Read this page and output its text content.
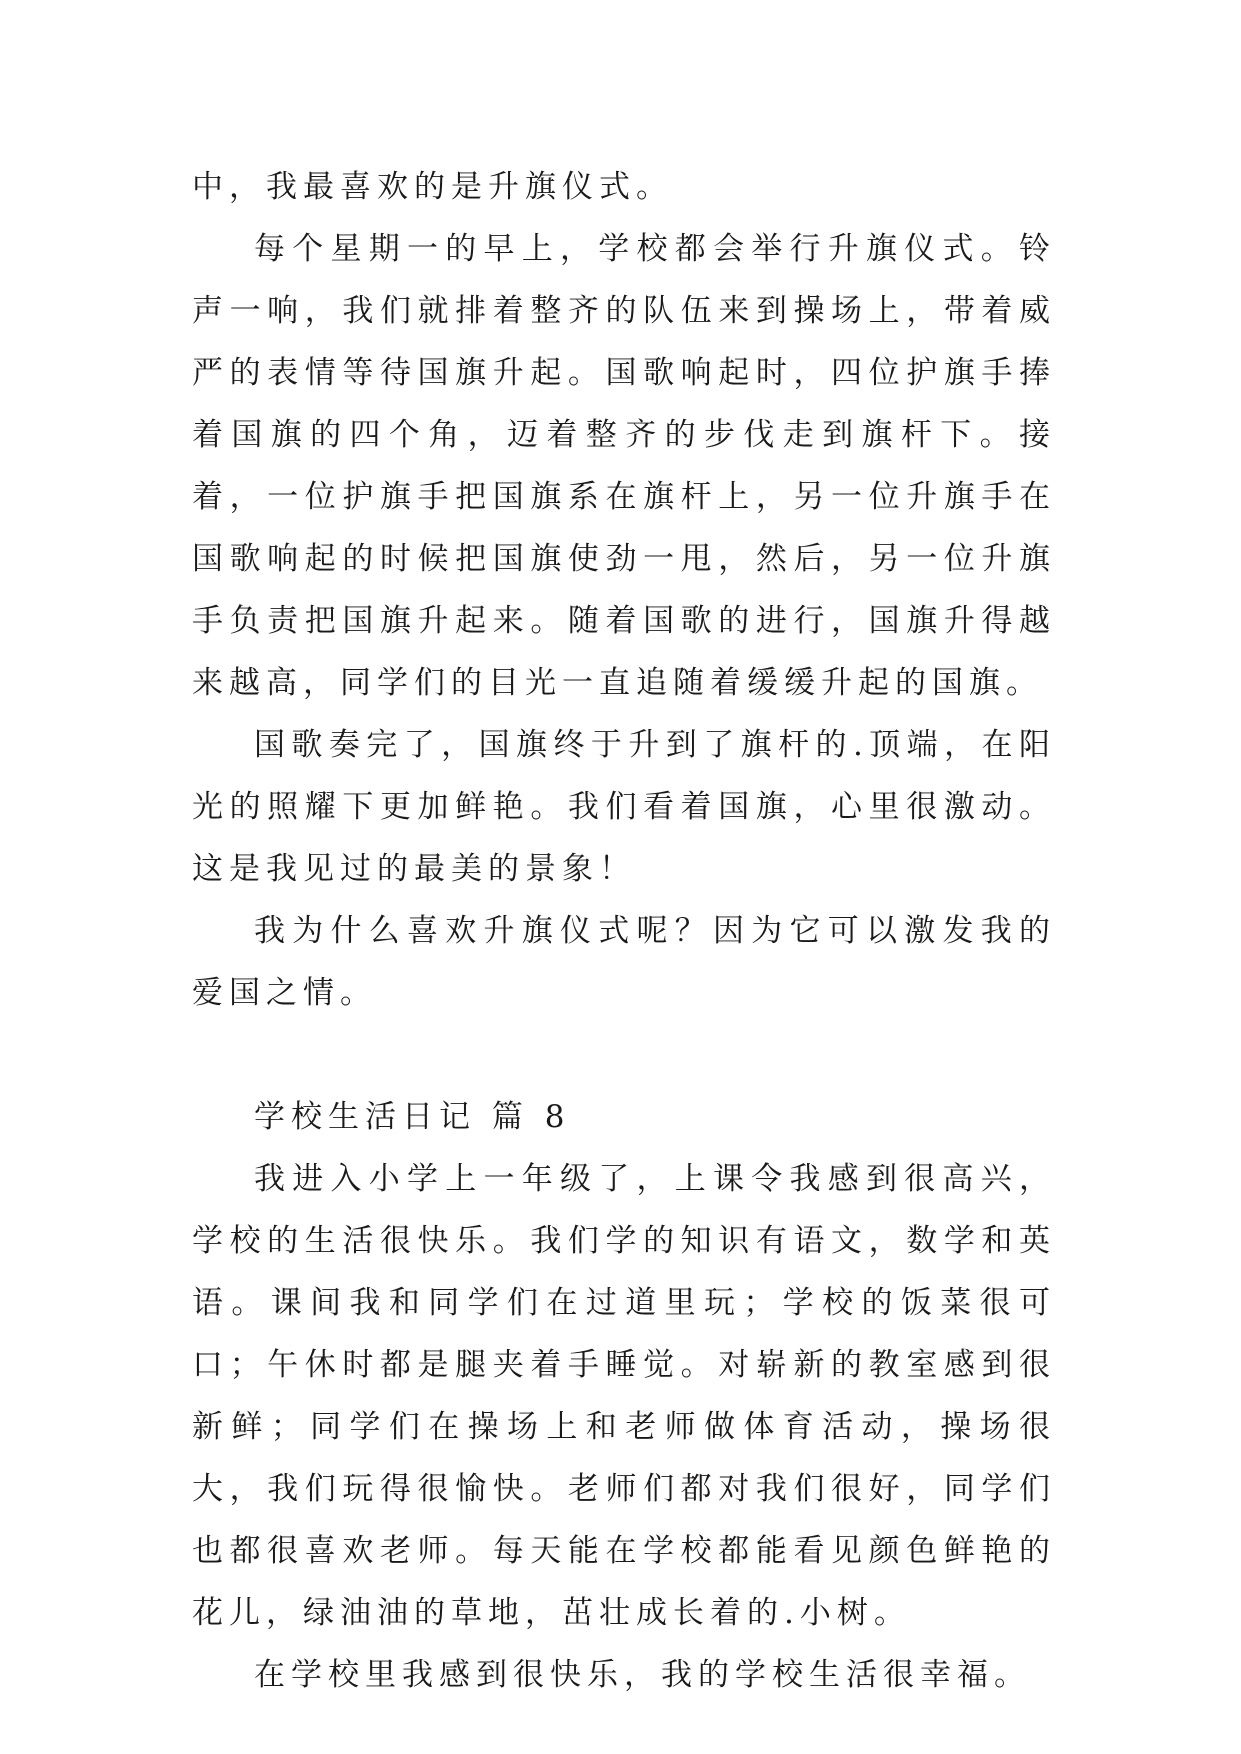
中，我最喜欢的是升旗仪式。

每个星期一的早上，学校都会举行升旗仪式。铃声一响，我们就排着整齐的队伍来到操场上，带着威严的表情等待国旗升起。国歌响起时，四位护旗手捧着国旗的四个角，迈着整齐的步伐走到旗杆下。接着，一位护旗手把国旗系在旗杆上，另一位升旗手在国歌响起的时候把国旗使劲一甩，然后，另一位升旗手负责把国旗升起来。随着国歌的进行，国旗升得越来越高，同学们的目光一直追随着缓缓升起的国旗。

国歌奏完了，国旗终于升到了旗杆的.顶端，在阳光的照耀下更加鲜艳。我们看着国旗，心里很激动。这是我见过的最美的景象！

我为什么喜欢升旗仪式呢？因为它可以激发我的爱国之情。

学校生活日记 篇 8

我进入小学上一年级了，上课令我感到很高兴，学校的生活很快乐。我们学的知识有语文，数学和英语。课间我和同学们在过道里玩；学校的饭菜很可口；午休时都是腿夹着手睡觉。对崭新的教室感到很新鲜；同学们在操场上和老师做体育活动，操场很大，我们玩得很愉快。老师们都对我们很好，同学们也都很喜欢老师。每天能在学校都能看见颜色鲜艳的花儿，绿油油的草地，茁壮成长着的.小树。

在学校里我感到很快乐，我的学校生活很幸福。
